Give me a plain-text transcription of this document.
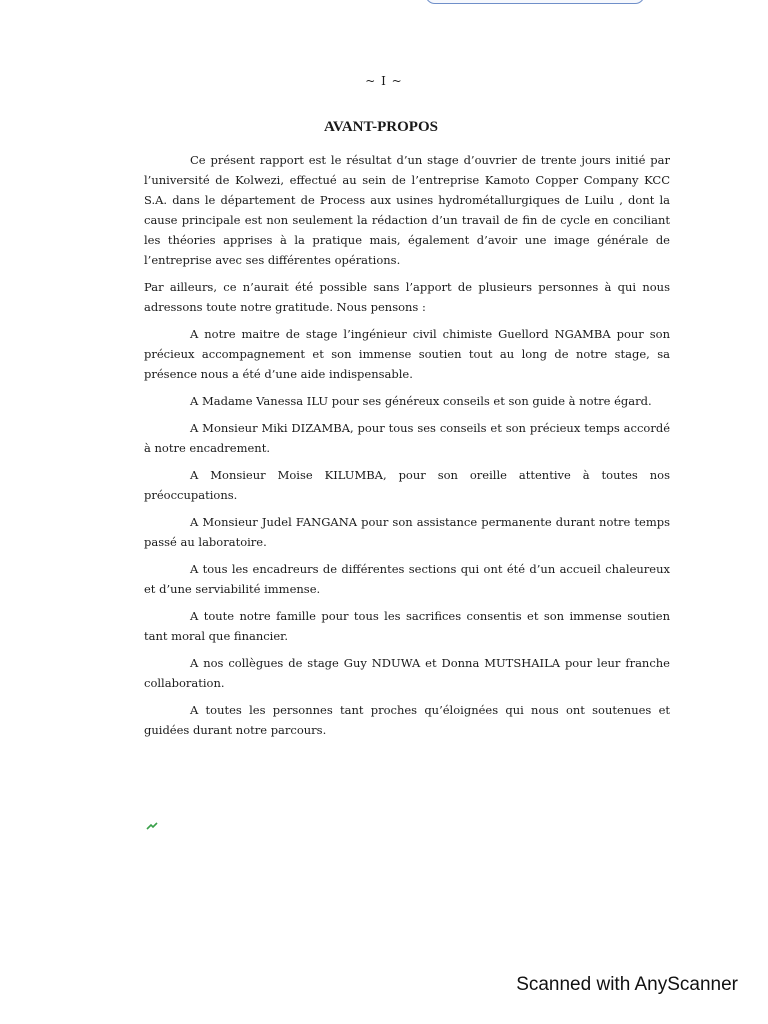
~ I ~
AVANT-PROPOS

Ce présent rapport est le résultat d’un stage d’ouvrier de trente jours initié par l’université de Kolwezi, effectué au sein de l’entreprise Kamoto Copper Company KCC S.A. dans le département de Process aux usines hydrométallurgiques de Luilu , dont la cause principale est non seulement la rédaction d’un travail de fin de cycle en conciliant les théories apprises à la pratique mais, également d’avoir une image générale de l’entreprise avec ses différentes opérations.

Par ailleurs, ce n’aurait été possible sans l’apport de plusieurs personnes à qui nous adressons toute notre gratitude. Nous pensons :

A notre maitre de stage l’ingénieur civil chimiste Guellord NGAMBA pour son précieux accompagnement et son immense soutien tout au long de notre stage, sa présence nous a été d’une aide indispensable.

A Madame Vanessa ILU pour ses généreux conseils et son guide à notre égard.

A Monsieur Miki DIZAMBA, pour tous ses conseils et son précieux temps accordé à notre encadrement.

A Monsieur Moise KILUMBA, pour son oreille attentive à toutes nos préoccupations.

A Monsieur Judel FANGANA pour son assistance permanente durant notre temps passé au laboratoire.

A tous les encadreurs de différentes sections qui ont été d’un accueil chaleureux et d’une serviabilité immense.

A toute notre famille pour tous les sacrifices consentis et son immense soutien tant moral que financier.

A nos collègues de stage Guy NDUWA et Donna MUTSHAILA pour leur franche collaboration.

A toutes les personnes tant proches qu’éloignées qui nous ont soutenues et guidées durant notre parcours.

Scanned with AnyScanner
